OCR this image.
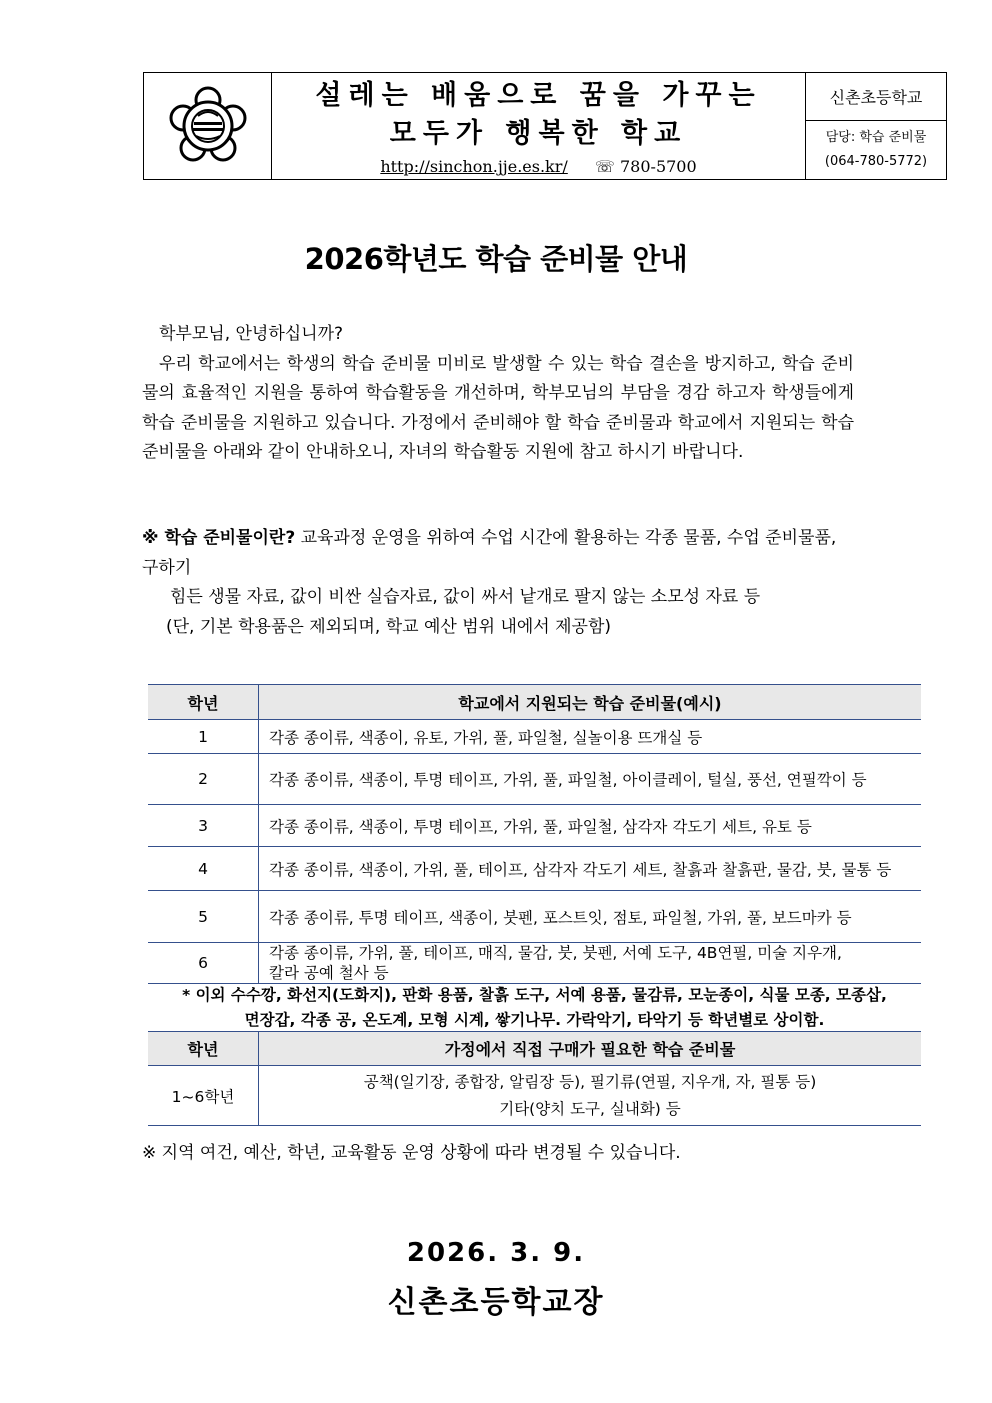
설레는 배움으로 꿈을 가꾸는
모두가 행복한 학교
http://sinchon.jje.es.kr/ ☏ 780-5700
신촌초등학교
담당: 학습 준비물
(064-780-5772)
2026학년도 학습 준비물 안내

학부모님, 안녕하십니까?

우리 학교에서는 학생의 학습 준비물 미비로 발생할 수 있는 학습 결손을 방지하고, 학습 준비물의 효율적인 지원을 통하여 학습활동을 개선하며, 학부모님의 부담을 경감 하고자 학생들에게 학습 준비물을 지원하고 있습니다. 가정에서 준비해야 할 학습 준비물과 학교에서 지원되는 학습 준비물을 아래와 같이 안내하오니, 자녀의 학습활동 지원에 참고 하시기 바랍니다.

※ 학습 준비물이란? 교육과정 운영을 위하여 수업 시간에 활용하는 각종 물품, 수업 준비물품, 구하기

힘든 생물 자료, 값이 비싼 실습자료, 값이 싸서 낱개로 팔지 않는 소모성 자료 등

(단, 기본 학용품은 제외되며, 학교 예산 범위 내에서 제공함)

학년	학교에서 지원되는 학습 준비물(예시)
1	각종 종이류, 색종이, 유토, 가위, 풀, 파일철, 실놀이용 뜨개실 등
2	각종 종이류, 색종이, 투명 테이프, 가위, 풀, 파일철, 아이클레이, 털실, 풍선, 연필깍이 등
3	각종 종이류, 색종이, 투명 테이프, 가위, 풀, 파일철, 삼각자 각도기 세트, 유토 등
4	각종 종이류, 색종이, 가위, 풀, 테이프, 삼각자 각도기 세트, 찰흙과 찰흙판, 물감, 붓, 물통 등
5	각종 종이류, 투명 테이프, 색종이, 붓펜, 포스트잇, 점토, 파일철, 가위, 풀, 보드마카 등
6	각종 종이류, 가위, 풀, 테이프, 매직, 물감, 붓, 붓펜, 서예 도구, 4B연필, 미술 지우개,
칼라 공예 철사 등
* 이외 수수깡, 화선지(도화지), 판화 용품, 찰흙 도구, 서예 용품, 물감류, 모눈종이, 식물 모종, 모종삽,
면장갑, 각종 공, 온도계, 모형 시계, 쌓기나무. 가락악기, 타악기 등 학년별로 상이함.
학년	가정에서 직접 구매가 필요한 학습 준비물
1~6학년	공책(일기장, 종합장, 알림장 등), 필기류(연필, 지우개, 자, 필통 등)
기타(양치 도구, 실내화) 등
※ 지역 여건, 예산, 학년, 교육활동 운영 상황에 따라 변경될 수 있습니다.
2026. 3. 9.
신촌초등학교장
